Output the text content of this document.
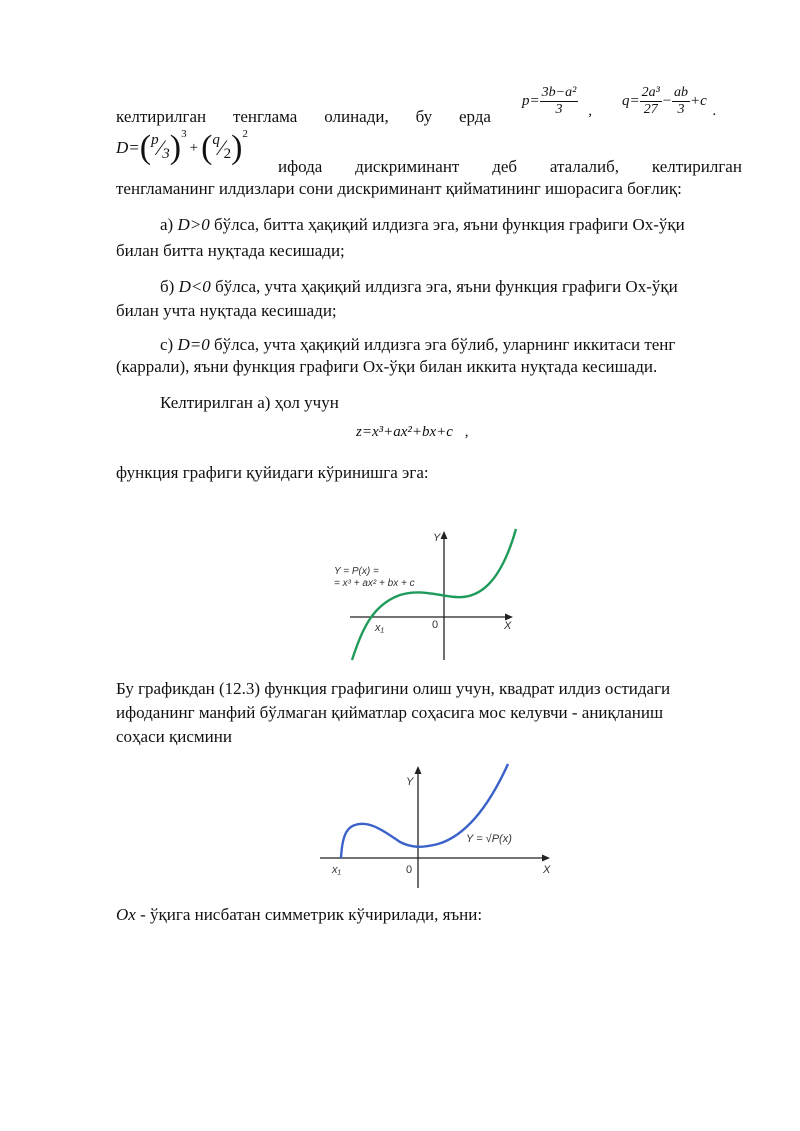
$p = \frac{\text{3b−a²}}{3}$ ,
$q = \frac{\text{2a³}}{27} - \frac{ab}{3} +c$
.
келтирилган тенглама олинади, бу ерда
D = ( p ⁄ 3 ) 3
+ ( q ⁄ 2 ) 2
ифода дискриминант деб аталалиб, келтирилган
тенгламанинг илдизлари сони дискриминант қийматининг ишорасига боғлиқ:
а) D>0 бўлса, битта ҳақиқий илдизга эга, яъни функция графиги Ох-ўқи
билан битта нуқтада кесишади;
б) D<0 бўлса, учта ҳақиқий илдизга эга, яъни функция графиги Ох-ўқи
билан учта нуқтада кесишади;
с) D=0 бўлса, учта ҳақиқий илдизга эга бўлиб, уларнинг иккитаси тенг
(каррали), яъни функция графиги Ох-ўқи билан иккита нуқтада кесишади.
Келтирилган а) ҳол учун
z=x³+ax²+bx+c ,
функция графиги қуйидаги кўринишга эга:
Y
X
0
x₁
Y = P(x) =
= x³ + ax² + bx + c
Бу графикдан (12.3) функция графигини олиш учун, квадрат илдиз остидаги
ифоданинг манфий бўлмаган қийматлар соҳасига мос келувчи - аниқланиш
соҳаси қисмини
Y
X
0
x₁
Y = √P(x)
Ox - ўқига нисбатан симметрик кўчирилади, яъни:
